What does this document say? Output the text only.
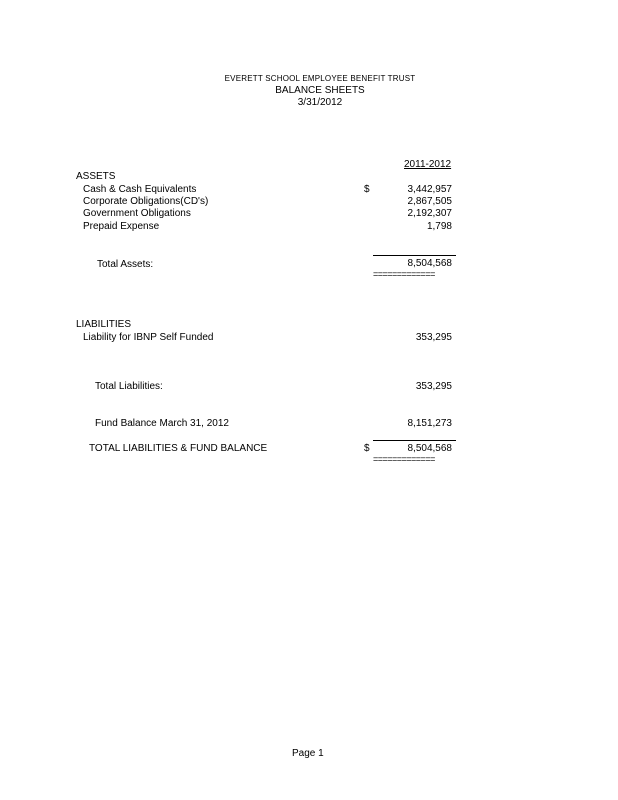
EVERETT SCHOOL EMPLOYEE BENEFIT TRUST
BALANCE SHEETS
3/31/2012
2011-2012
ASSETS
Cash & Cash Equivalents	$	3,442,957
Corporate Obligations(CD's)	2,867,505
Government Obligations	2,192,307
Prepaid Expense	1,798
Total Assets:	8,504,568
=============
LIABILITIES
Liability for IBNP Self Funded	353,295
Total Liabilities:	353,295
Fund Balance March 31, 2012	8,151,273
TOTAL LIABILITIES & FUND BALANCE	$	8,504,568
=============
Page 1
